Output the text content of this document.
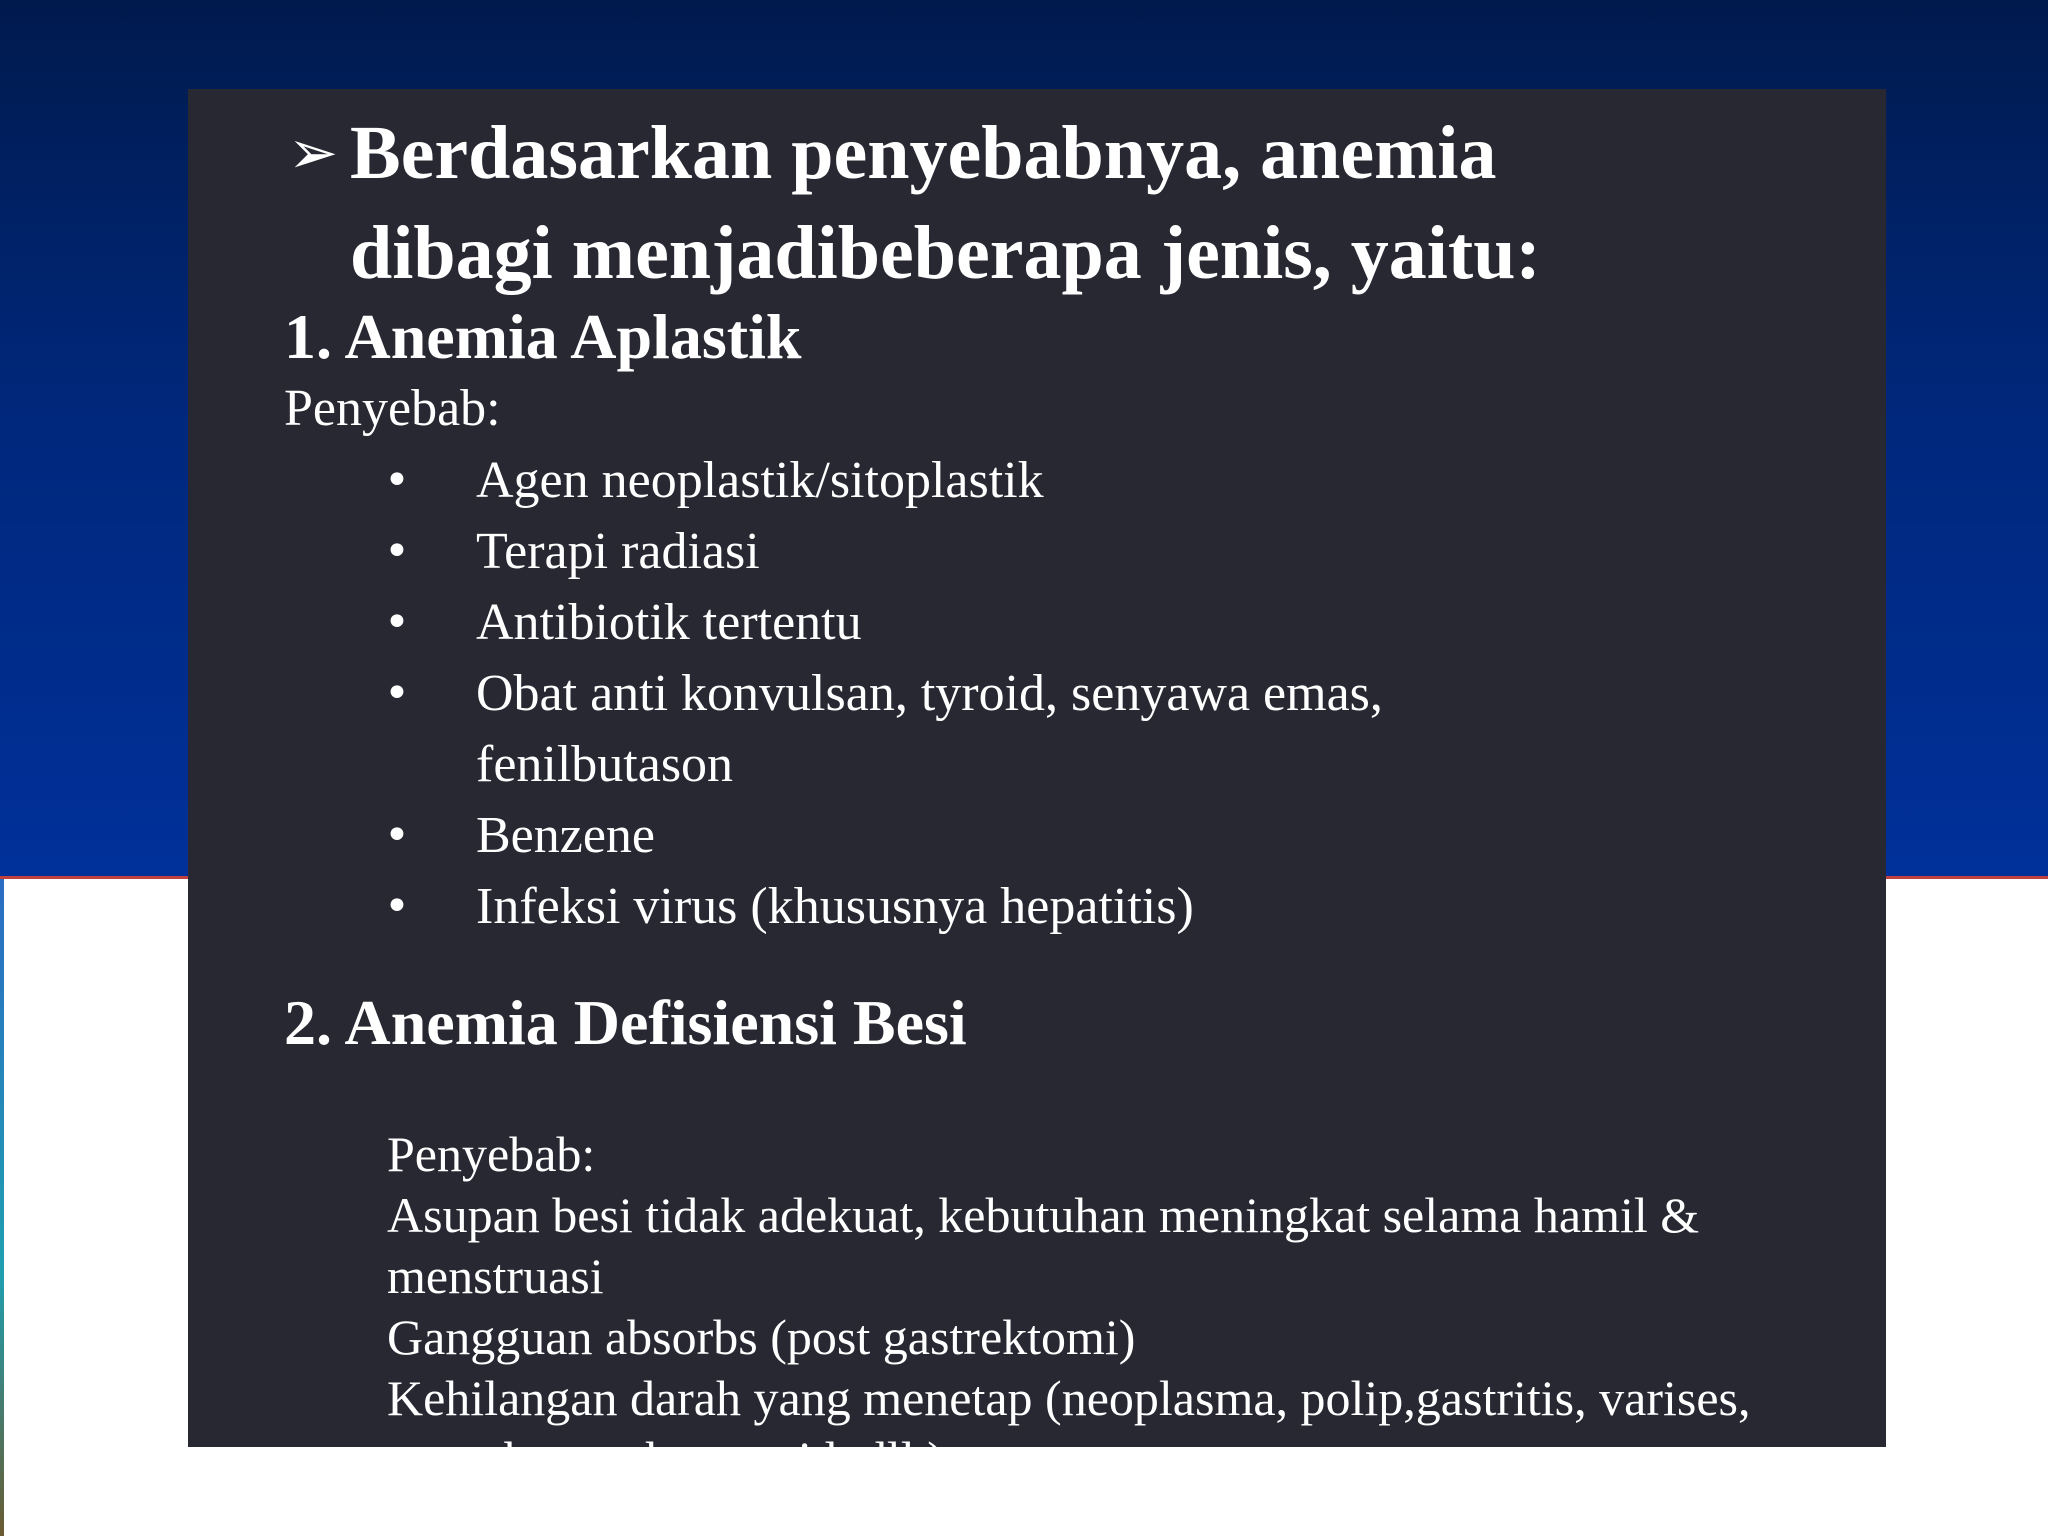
➢ Berdasarkan penyebabnya, anemia
dibagi menjadibeberapa jenis, yaitu:
1. Anemia Aplastik
Penyebab:
• Agen neoplastik/sitoplastik
• Terapi radiasi
• Antibiotik tertentu
• Obat anti konvulsan, tyroid, senyawa emas, fenilbutason
• Benzene
• Infeksi virus (khususnya hepatitis)
2. Anemia Defisiensi Besi
Penyebab:
Asupan besi tidak adekuat, kebutuhan meningkat selama hamil & menstruasi
Gangguan absorbs (post gastrektomi)
Kehilangan darah yang menetap (neoplasma, polip,gastritis, varises, oesophagus, hemoroid, dll.)
